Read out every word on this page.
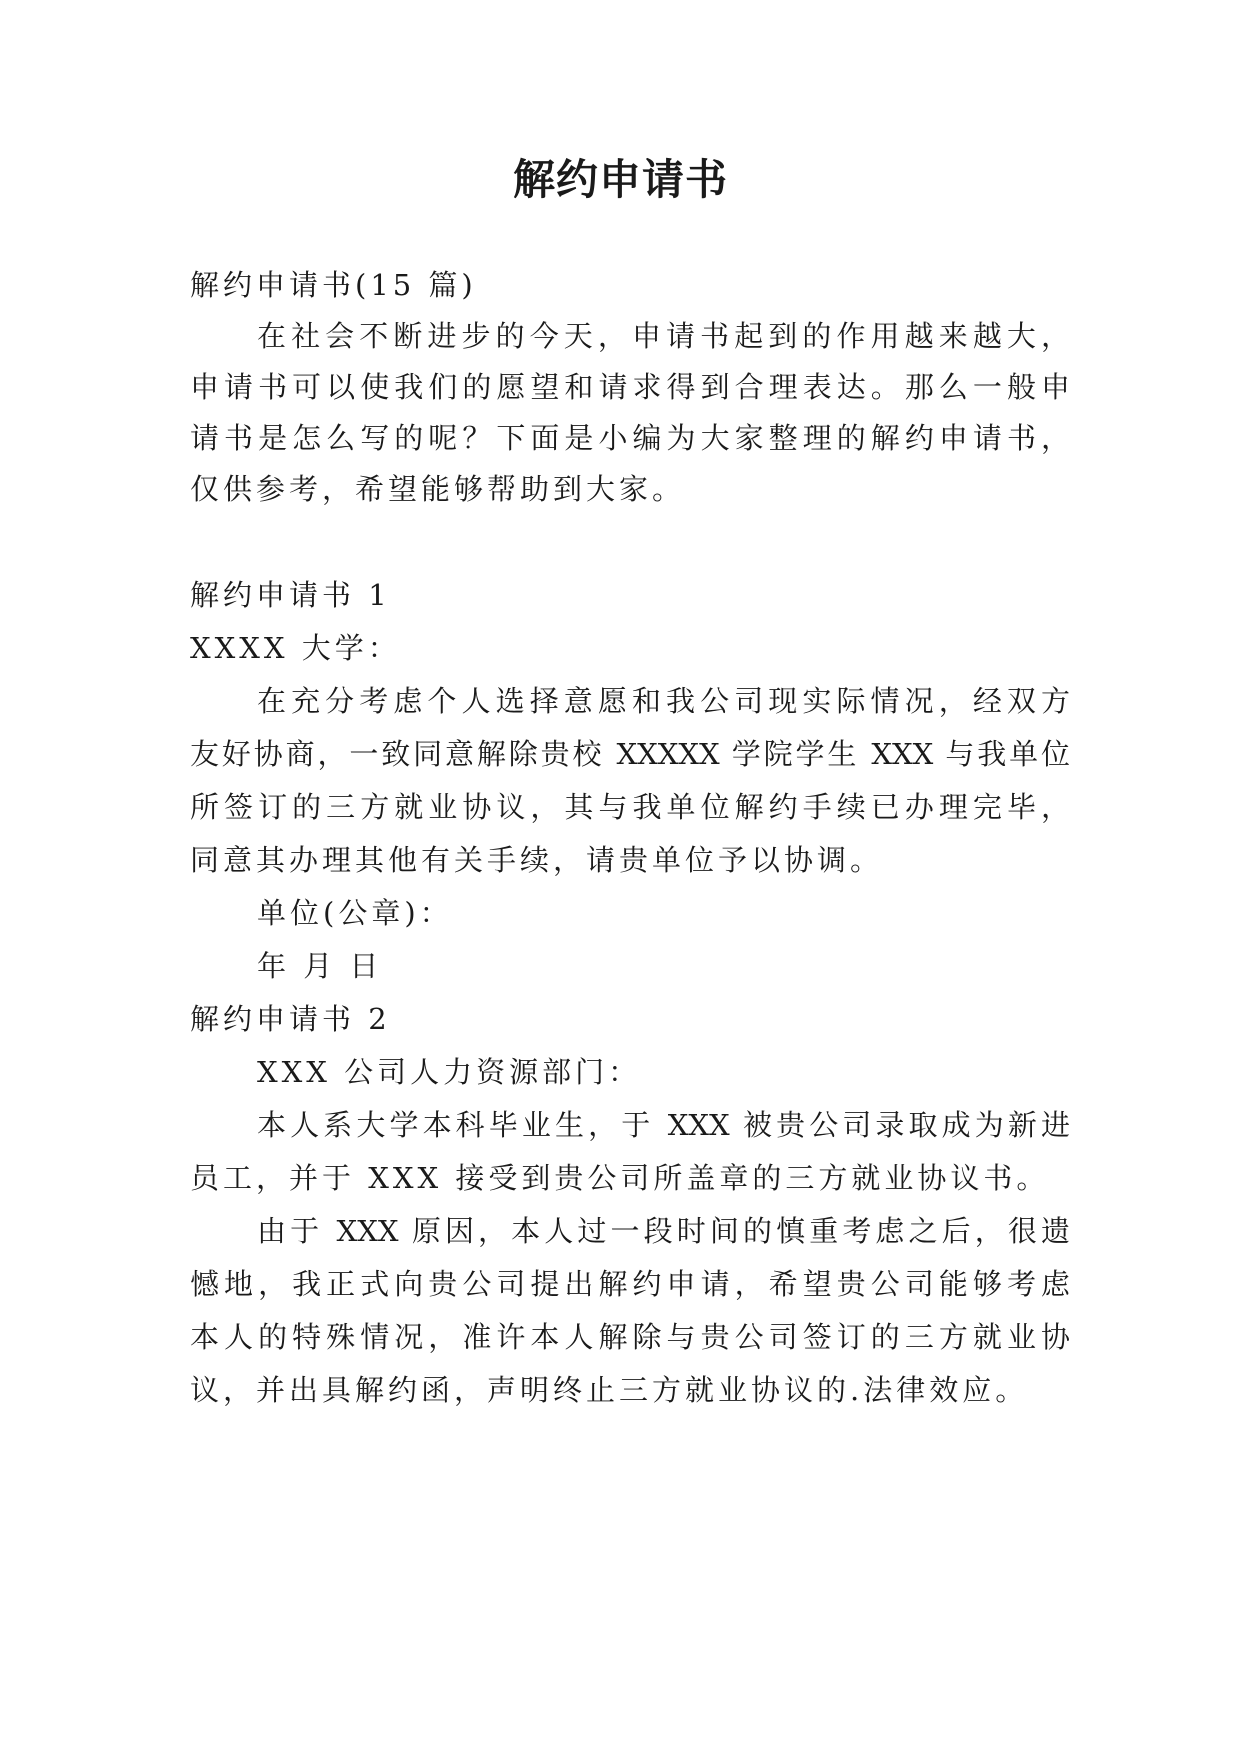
解约申请书
解约申请书(15 篇)
在社会不断进步的今天，申请书起到的作用越来越大，
申请书可以使我们的愿望和请求得到合理表达。那么一般申
请书是怎么写的呢？下面是小编为大家整理的解约申请书，
仅供参考，希望能够帮助到大家。
解约申请书 1
XXXX 大学：
在充分考虑个人选择意愿和我公司现实际情况，经双方
友好协商，一致同意解除贵校 XXXXX 学院学生 XXX 与我单位
所签订的三方就业协议，其与我单位解约手续已办理完毕，
同意其办理其他有关手续，请贵单位予以协调。
单位(公章)：
年 月 日
解约申请书 2
XXX 公司人力资源部门：
本人系大学本科毕业生，于 XXX 被贵公司录取成为新进
员工，并于 XXX 接受到贵公司所盖章的三方就业协议书。
由于 XXX 原因，本人过一段时间的慎重考虑之后，很遗
憾地，我正式向贵公司提出解约申请，希望贵公司能够考虑
本人的特殊情况，准许本人解除与贵公司签订的三方就业协
议，并出具解约函，声明终止三方就业协议的.法律效应。
